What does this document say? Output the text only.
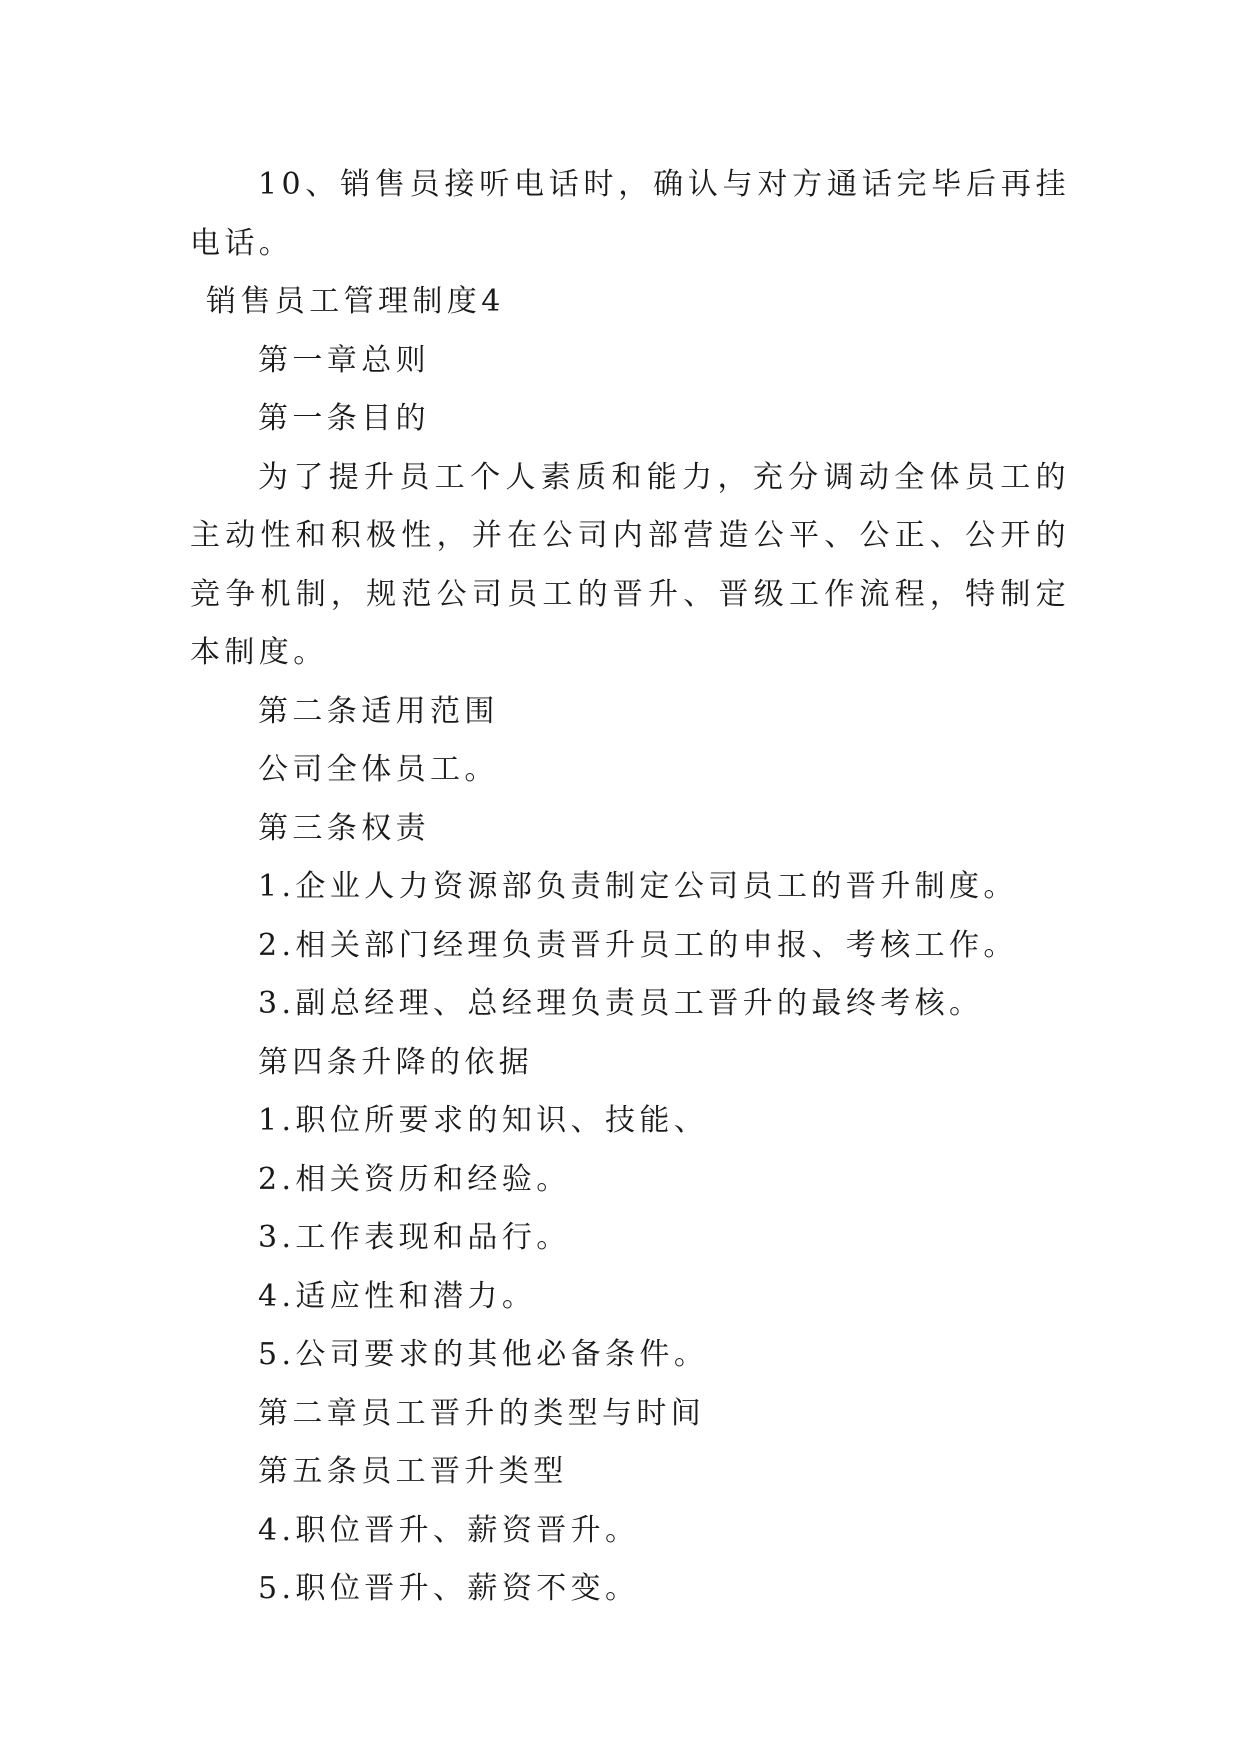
10、销售员接听电话时，确认与对方通话完毕后再挂电话。
销售员工管理制度4
第一章总则
第一条目的
为了提升员工个人素质和能力，充分调动全体员工的主动性和积极性，并在公司内部营造公平、公正、公开的竞争机制，规范公司员工的晋升、晋级工作流程，特制定本制度。
第二条适用范围
公司全体员工。
第三条权责
1.企业人力资源部负责制定公司员工的晋升制度。
2.相关部门经理负责晋升员工的申报、考核工作。
3.副总经理、总经理负责员工晋升的最终考核。
第四条升降的依据
1.职位所要求的知识、技能、
2.相关资历和经验。
3.工作表现和品行。
4.适应性和潜力。
5.公司要求的其他必备条件。
第二章员工晋升的类型与时间
第五条员工晋升类型
4.职位晋升、薪资晋升。
5.职位晋升、薪资不变。
